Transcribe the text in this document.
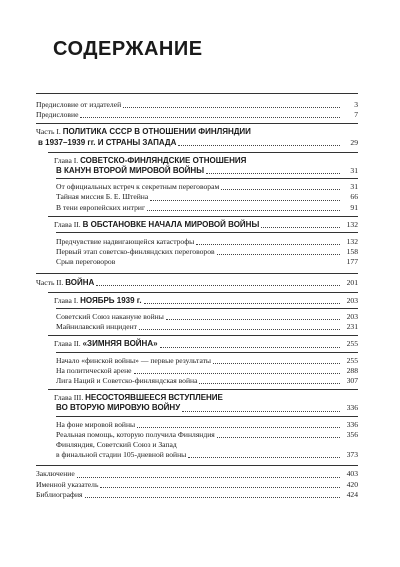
СОДЕРЖАНИЕ
Предисловие от издателей	3
Предисловие	7
Часть I. ПОЛИТИКА СССР В ОТНОШЕНИИ ФИНЛЯНДИИ
в 1937–1939 гг. И СТРАНЫ ЗАПАДА	29
Глава I. СОВЕТСКО-ФИНЛЯНДСКИЕ ОТНОШЕНИЯ
В КАНУН ВТОРОЙ МИРОВОЙ ВОЙНЫ	31
От официальных встреч к секретным переговорам	31
Тайная миссия Б. Е. Штейна	66
В тени европейских интриг	91
Глава II. В ОБСТАНОВКЕ НАЧАЛА МИРОВОЙ ВОЙНЫ	132
Предчувствие надвигающейся катастрофы	132
Первый этап советско-финляндских переговоров	158
Срыв переговоров	177
Часть II. ВОЙНА	201
Глава I. НОЯБРЬ 1939 г.	203
Советский Союз накануне войны	203
Майнилавский инцидент	231
Глава II. «ЗИМНЯЯ ВОЙНА»	255
Начало «финской войны» — первые результаты	255
На политической арене	288
Лига Наций и Советско-финляндская война	307
Глава III. НЕСОСТОЯВШЕЕСЯ ВСТУПЛЕНИЕ
ВО ВТОРУЮ МИРОВУЮ ВОЙНУ	336
На фоне мировой войны	336
Реальная помощь, которую получила Финляндия	356
Финляндия, Советский Союз и Запад
в финальной стадии 105-дневной войны	373
Заключение	403
Именной указатель	420
Библиография	424
